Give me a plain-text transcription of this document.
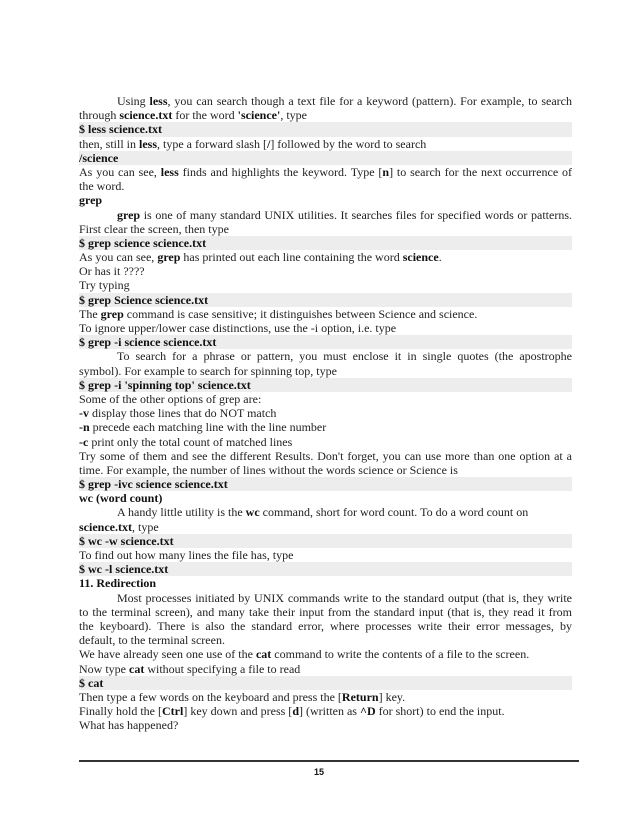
Using less, you can search though a text file for a keyword (pattern). For example, to search
through science.txt for the word 'science', type
$ less science.txt
then, still in less, type a forward slash [/] followed by the word to search
/science
As you can see, less finds and highlights the keyword. Type [n] to search for the next occurrence of
the word.
grep
grep is one of many standard UNIX utilities. It searches files for specified words or patterns.
First clear the screen, then type
$ grep science science.txt
As you can see, grep has printed out each line containing the word science.
Or has it ????
Try typing
$ grep Science science.txt
The grep command is case sensitive; it distinguishes between Science and science.
To ignore upper/lower case distinctions, use the -i option, i.e. type
$ grep -i science science.txt
To search for a phrase or pattern, you must enclose it in single quotes (the apostrophe
symbol). For example to search for spinning top, type
$ grep -i 'spinning top' science.txt
Some of the other options of grep are:
-v display those lines that do NOT match
-n precede each matching line with the line number
-c print only the total count of matched lines
Try some of them and see the different Results. Don't forget, you can use more than one option at a
time. For example, the number of lines without the words science or Science is
$ grep -ivc science science.txt
wc (word count)
A handy little utility is the wc command, short for word count. To do a word count on
science.txt, type
$ wc -w science.txt
To find out how many lines the file has, type
$ wc -l science.txt
11. Redirection
Most processes initiated by UNIX commands write to the standard output (that is, they write
to the terminal screen), and many take their input from the standard input (that is, they read it from
the keyboard). There is also the standard error, where processes write their error messages, by
default, to the terminal screen.
We have already seen one use of the cat command to write the contents of a file to the screen.
Now type cat without specifying a file to read
$ cat
Then type a few words on the keyboard and press the [Return] key.
Finally hold the [Ctrl] key down and press [d] (written as ^D for short) to end the input.
What has happened?
15
